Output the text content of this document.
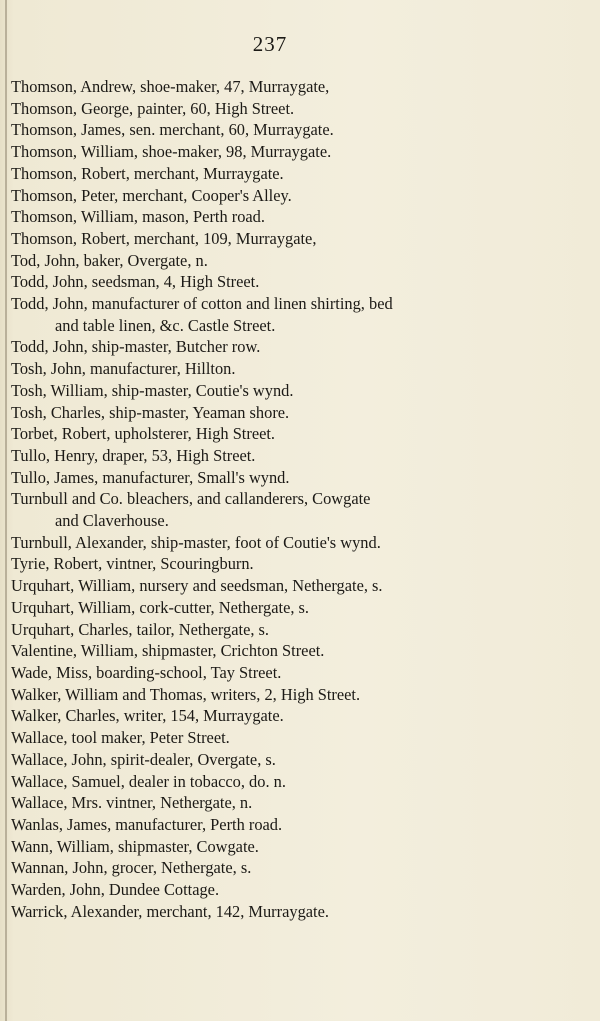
237
Thomson, Andrew, shoe-maker, 47, Murraygate,
Thomson, George, painter, 60, High Street.
Thomson, James, sen. merchant, 60, Murraygate.
Thomson, William, shoe-maker, 98, Murraygate.
Thomson, Robert, merchant, Murraygate.
Thomson, Peter, merchant, Cooper's Alley.
Thomson, William, mason, Perth road.
Thomson, Robert, merchant, 109, Murraygate,
Tod, John, baker, Overgate, n.
Todd, John, seedsman, 4, High Street.
Todd, John, manufacturer of cotton and linen shirting, bed
and table linen, &c. Castle Street.
Todd, John, ship-master, Butcher row.
Tosh, John, manufacturer, Hillton.
Tosh, William, ship-master, Coutie's wynd.
Tosh, Charles, ship-master, Yeaman shore.
Torbet, Robert, upholsterer, High Street.
Tullo, Henry, draper, 53, High Street.
Tullo, James, manufacturer, Small's wynd.
Turnbull and Co. bleachers, and callanderers, Cowgate
and Claverhouse.
Turnbull, Alexander, ship-master, foot of Coutie's wynd.
Tyrie, Robert, vintner, Scouringburn.
Urquhart, William, nursery and seedsman, Nethergate, s.
Urquhart, William, cork-cutter, Nethergate, s.
Urquhart, Charles, tailor, Nethergate, s.
Valentine, William, shipmaster, Crichton Street.
Wade, Miss, boarding-school, Tay Street.
Walker, William and Thomas, writers, 2, High Street.
Walker, Charles, writer, 154, Murraygate.
Wallace, tool maker, Peter Street.
Wallace, John, spirit-dealer, Overgate, s.
Wallace, Samuel, dealer in tobacco, do. n.
Wallace, Mrs. vintner, Nethergate, n.
Wanlas, James, manufacturer, Perth road.
Wann, William, shipmaster, Cowgate.
Wannan, John, grocer, Nethergate, s.
Warden, John, Dundee Cottage.
Warrick, Alexander, merchant, 142, Murraygate.
